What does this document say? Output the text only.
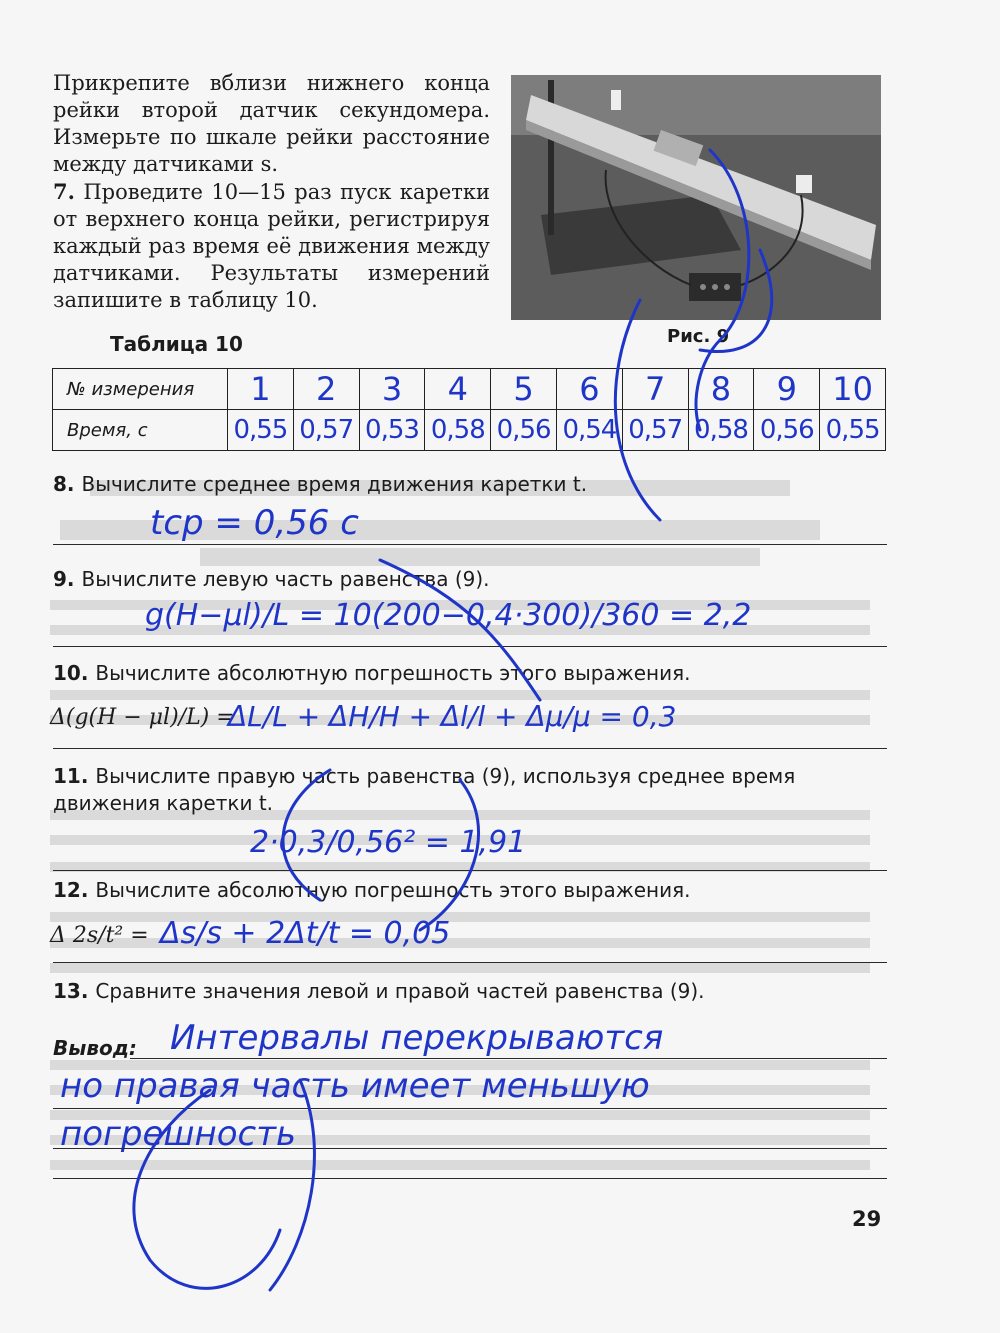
Прикрепите вблизи нижнего конца рейки второй датчик секундомера. Измерьте по шкале рейки расстояние между датчиками s.

7. Проведите 10—15 раз пуск каретки от верхнего конца рейки, регистрируя каждый раз время её движения между датчиками. Результаты измерений запишите в таблицу 10.

Рис. 9
Таблица 10
№ измерения	1	2	3	4	5	6	7	8	9	10
Время, с	0,55	0,57	0,53	0,58	0,56	0,54	0,57	0,58	0,56	0,55
8. Вычислите среднее время движения каретки t.
tср = 0,56 с
9. Вычислите левую часть равенства (9).
g(H−μl)/L = 10(200−0,4·300)/360 = 2,2
10. Вычислите абсолютную погрешность этого выражения.
Δ(g(H − μl)/L) =
ΔL/L + ΔH/H + Δl/l + Δμ/μ = 0,3
11. Вычислите правую часть равенства (9), используя среднее время движения каретки t.
2·0,3/0,56² = 1,91
12. Вычислите абсолютную погрешность этого выражения.
Δ 2s/t² = Δs/s + 2Δt/t = 0,05
13. Сравните значения левой и правой частей равенства (9).
Вывод: Интервалы перекрываются
но правая часть имеет меньшую
погрешность
29
